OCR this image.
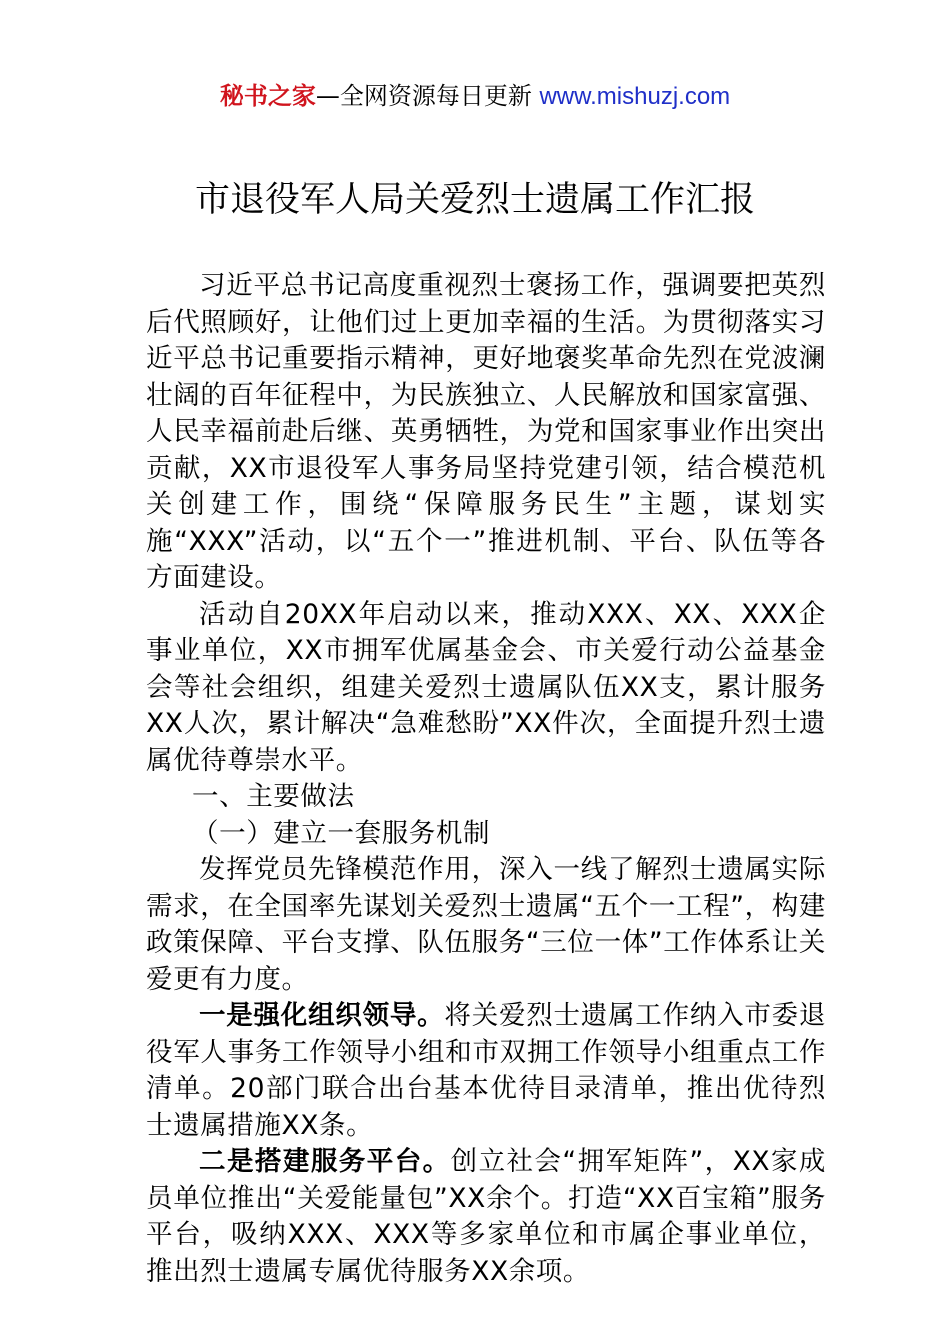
秘书之家—全网资源每日更新 www.mishuzj.com
市退役军人局关爱烈士遗属工作汇报

习近平总书记高度重视烈士褒扬工作，强调要把英烈后代照顾好，让他们过上更加幸福的生活。为贯彻落实习近平总书记重要指示精神，更好地褒奖革命先烈在党波澜壮阔的百年征程中，为民族独立、人民解放和国家富强、人民幸福前赴后继、英勇牺牲，为党和国家事业作出突出贡献，XX市退役军人事务局坚持党建引领，结合模范机关创建工作，围绕“保障服务民生”主题，谋划实施“XXX”活动，以“五个一”推进机制、平台、队伍等各方面建设。

活动自20XX年启动以来，推动XXX、XX、XXX企事业单位，XX市拥军优属基金会、市关爱行动公益基金会等社会组织，组建关爱烈士遗属队伍XX支，累计服务XX人次，累计解决“急难愁盼”XX件次，全面提升烈士遗属优待尊崇水平。

一、主要做法

（一）建立一套服务机制

发挥党员先锋模范作用，深入一线了解烈士遗属实际需求，在全国率先谋划关爱烈士遗属“五个一工程”，构建政策保障、平台支撑、队伍服务“三位一体”工作体系让关爱更有力度。

一是强化组织领导。将关爱烈士遗属工作纳入市委退役军人事务工作领导小组和市双拥工作领导小组重点工作清单。20部门联合出台基本优待目录清单，推出优待烈士遗属措施XX条。

二是搭建服务平台。创立社会“拥军矩阵”，XX家成员单位推出“关爱能量包”XX余个。打造“XX百宝箱”服务平台，吸纳XXX、XXX等多家单位和市属企事业单位，推出烈士遗属专属优待服务XX余项。
